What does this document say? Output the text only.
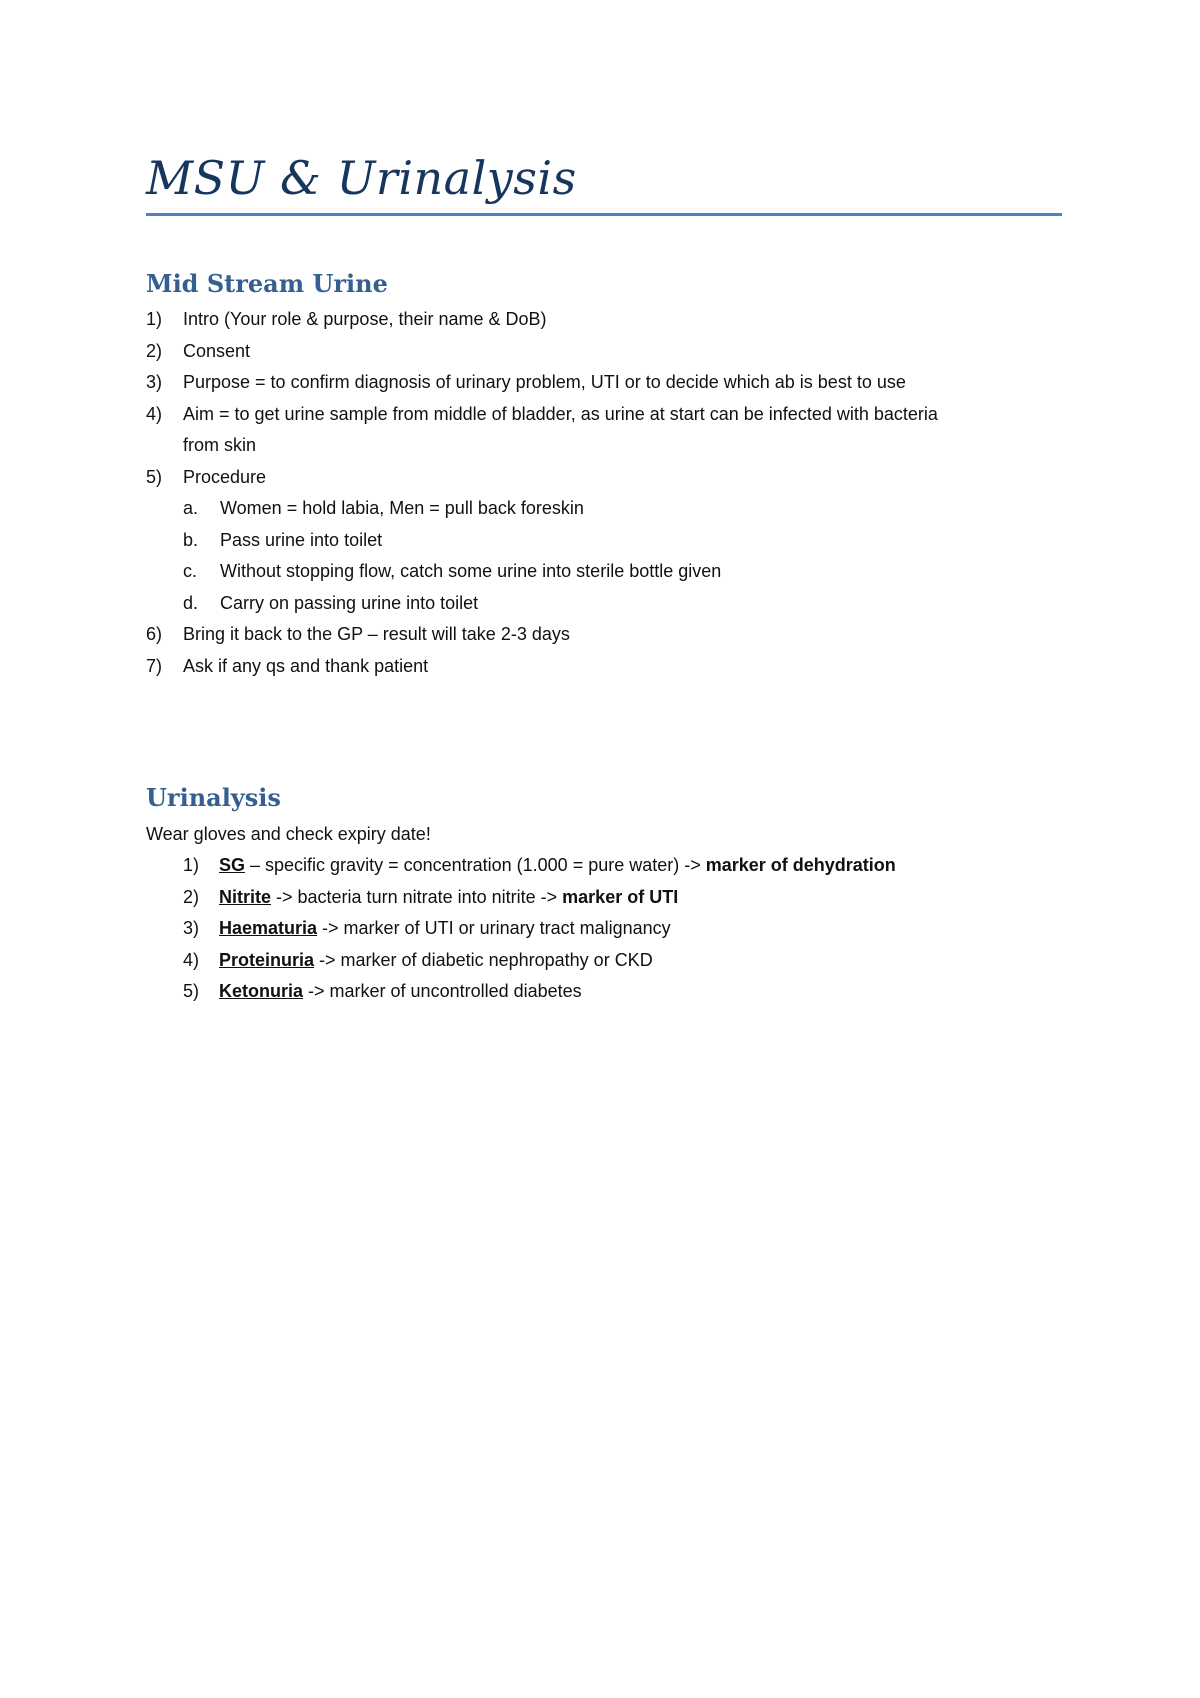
MSU & Urinalysis
Mid Stream Urine
1) Intro (Your role & purpose, their name & DoB)
2) Consent
3) Purpose = to confirm diagnosis of urinary problem, UTI or to decide which ab is best to use
4) Aim = to get urine sample from middle of bladder, as urine at start can be infected with bacteria
from skin
5) Procedure
a. Women = hold labia, Men = pull back foreskin
b. Pass urine into toilet
c. Without stopping flow, catch some urine into sterile bottle given
d. Carry on passing urine into toilet
6) Bring it back to the GP – result will take 2-3 days
7) Ask if any qs and thank patient
Urinalysis

Wear gloves and check expiry date!

1) SG – specific gravity = concentration (1.000 = pure water) -> marker of dehydration
2) Nitrite -> bacteria turn nitrate into nitrite -> marker of UTI
3) Haematuria -> marker of UTI or urinary tract malignancy
4) Proteinuria -> marker of diabetic nephropathy or CKD
5) Ketonuria -> marker of uncontrolled diabetes
